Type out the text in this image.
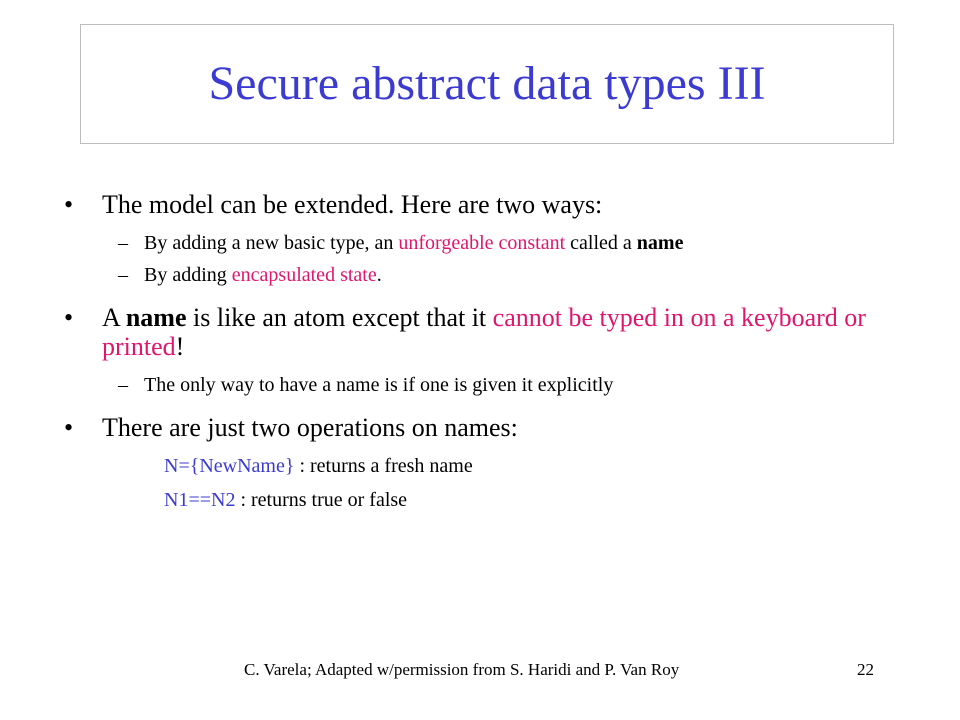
Secure abstract data types III
• The model can be extended. Here are two ways:
– By adding a new basic type, an unforgeable constant called a name
– By adding encapsulated state.
• A name is like an atom except that it cannot be typed in on a keyboard or printed!
– The only way to have a name is if one is given it explicitly
• There are just two operations on names:
N={NewName} : returns a fresh name
N1==N2 : returns true or false
C. Varela; Adapted w/permission from S. Haridi and P. Van Roy	22
